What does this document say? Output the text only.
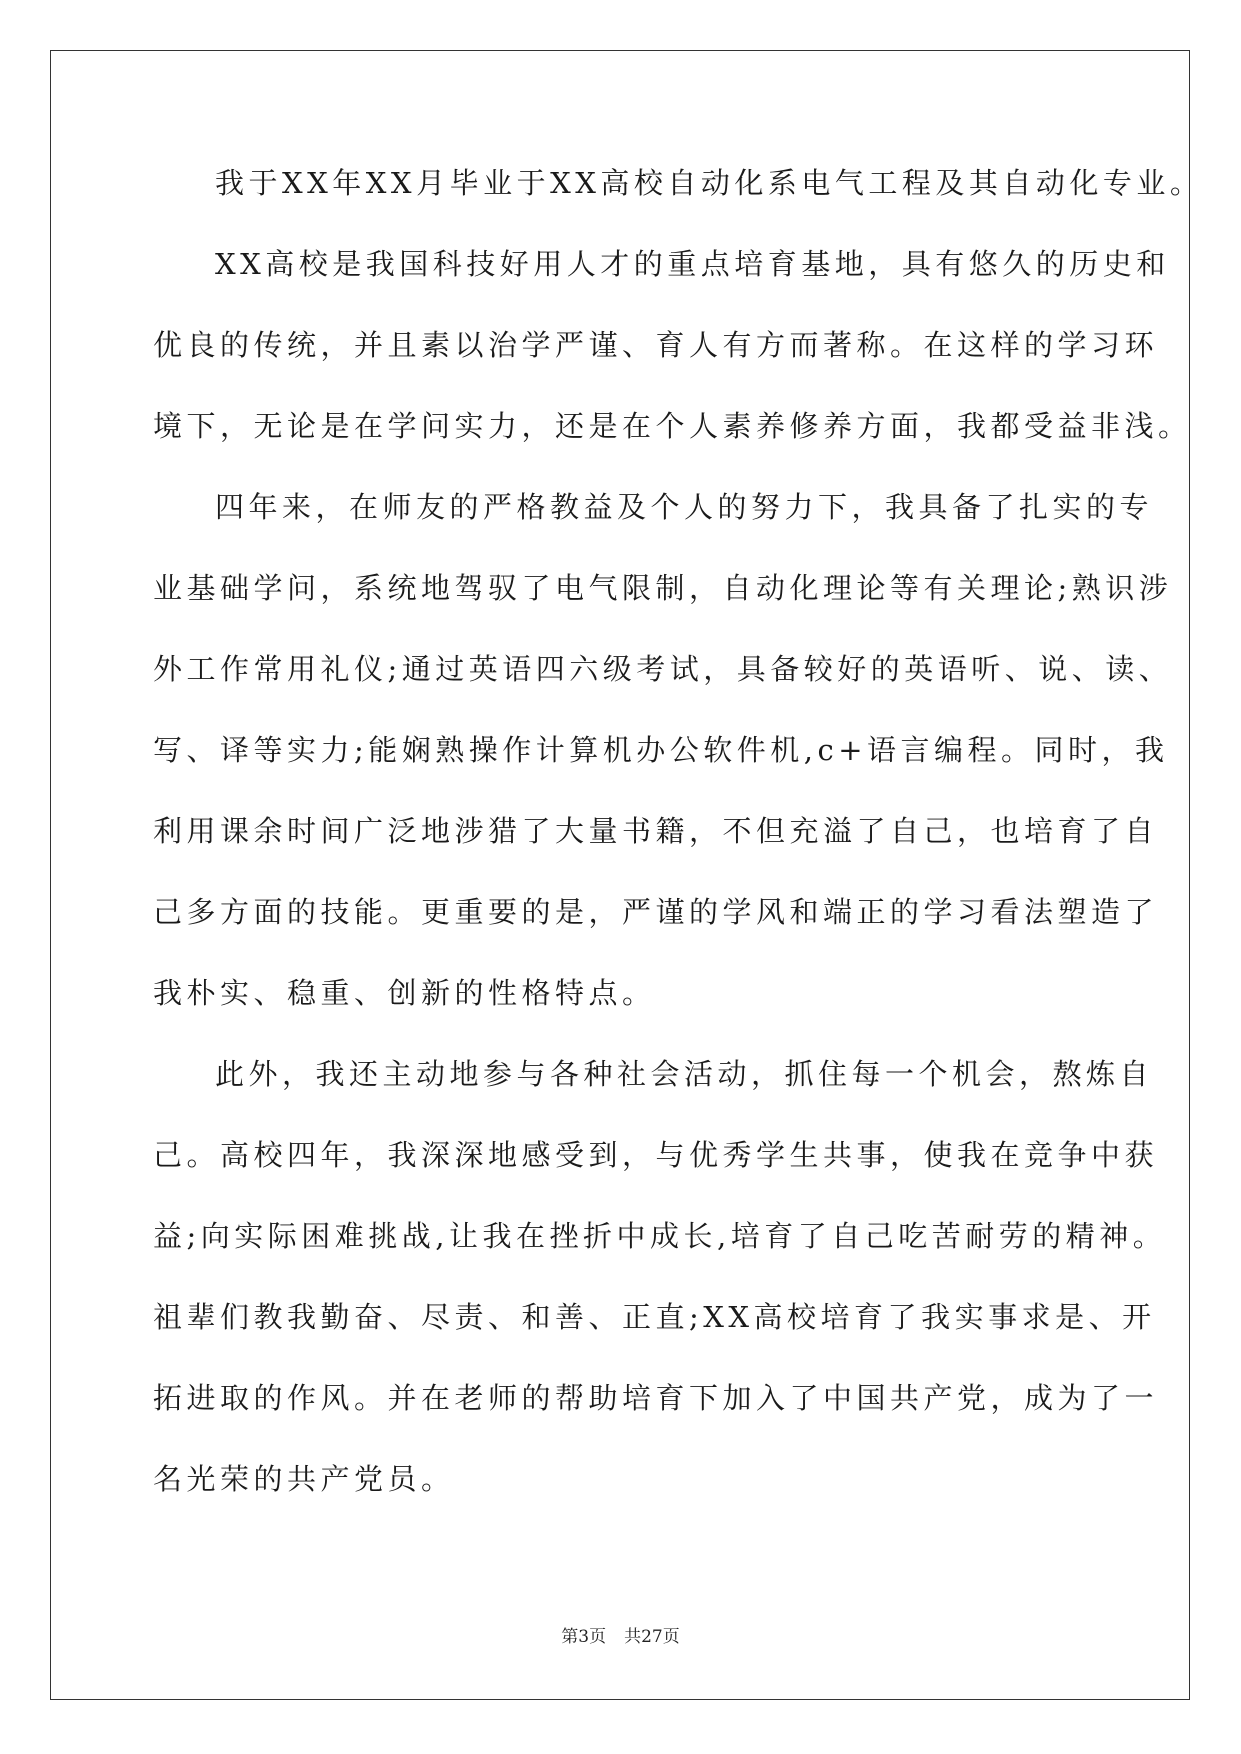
我于XX年XX月毕业于XX高校自动化系电气工程及其自动化专业。
XX高校是我国科技好用人才的重点培育基地，具有悠久的历史和
优良的传统，并且素以治学严谨、育人有方而著称。在这样的学习环
境下，无论是在学问实力，还是在个人素养修养方面，我都受益非浅。
四年来，在师友的严格教益及个人的努力下，我具备了扎实的专
业基础学问，系统地驾驭了电气限制，自动化理论等有关理论;熟识涉
外工作常用礼仪;通过英语四六级考试，具备较好的英语听、说、读、
写、译等实力;能娴熟操作计算机办公软件机,c+语言编程。同时，我
利用课余时间广泛地涉猎了大量书籍，不但充溢了自己，也培育了自
己多方面的技能。更重要的是，严谨的学风和端正的学习看法塑造了
我朴实、稳重、创新的性格特点。
此外，我还主动地参与各种社会活动，抓住每一个机会，熬炼自
己。高校四年，我深深地感受到，与优秀学生共事，使我在竞争中获
益;向实际困难挑战,让我在挫折中成长,培育了自己吃苦耐劳的精神。
祖辈们教我勤奋、尽责、和善、正直;XX高校培育了我实事求是、开
拓进取的作风。并在老师的帮助培育下加入了中国共产党，成为了一
名光荣的共产党员。
第3页 共27页
